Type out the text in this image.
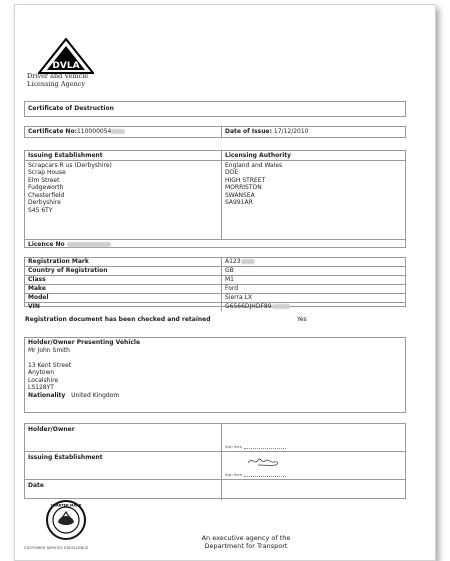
DVLA
Driver and Vehicle
Licensing Agency
Certificate of Destruction
Certificate No:110000054	Date of Issue: 17/12/2010
Issuing Establishment
Scrapcars R us (Derbyshire)
Scrap House
Elm Street
Fudgeworth
Chesterfield
Derbyshire
S45 6TY
Licensing Authority
England and Wales
DOE
HIGH STREET
MORRISTON
SWANSEA
SA991AR
Licence No
Registration Mark	A123
Country of Registration	GB
Class	M1
Make	Ford
Model	Sierra LX
VIN	G6566DJHDF89
Registration document has been checked and retained	Yes
Holder/Owner Presenting Vehicle
Mr John Smith

13 Kent Street
Anytown
Localshire
LS128YT
Nationality United Kingdom
Holder/Owner
Sign Here
Issuing Establishment
Sign Here
Date
CHARTER MARK
CUSTOMER SERVICE EXCELLENCE
An executive agency of the
Department for Transport
